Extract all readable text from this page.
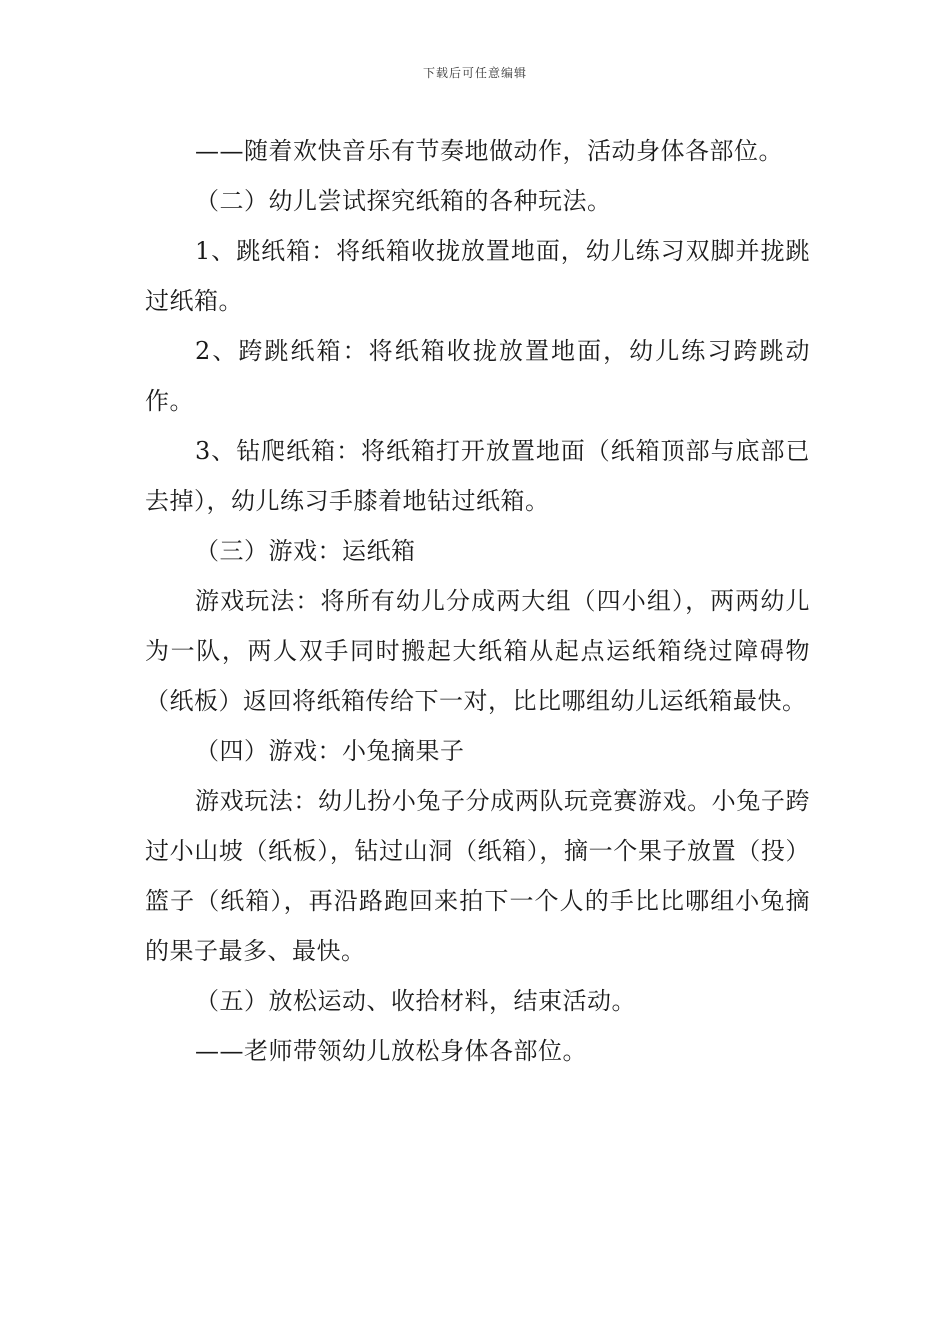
下载后可任意编辑

——随着欢快音乐有节奏地做动作，活动身体各部位。

（二）幼儿尝试探究纸箱的各种玩法。

1、跳纸箱：将纸箱收拢放置地面，幼儿练习双脚并拢跳过纸箱。

2、跨跳纸箱：将纸箱收拢放置地面，幼儿练习跨跳动作。

3、钻爬纸箱：将纸箱打开放置地面（纸箱顶部与底部已去掉），幼儿练习手膝着地钻过纸箱。

（三）游戏：运纸箱

游戏玩法：将所有幼儿分成两大组（四小组），两两幼儿为一队，两人双手同时搬起大纸箱从起点运纸箱绕过障碍物（纸板）返回将纸箱传给下一对，比比哪组幼儿运纸箱最快。

（四）游戏：小兔摘果子

游戏玩法：幼儿扮小兔子分成两队玩竞赛游戏。小兔子跨过小山坡（纸板），钻过山洞（纸箱），摘一个果子放置（投）篮子（纸箱），再沿路跑回来拍下一个人的手比比哪组小兔摘的果子最多、最快。

（五）放松运动、收拾材料，结束活动。

——老师带领幼儿放松身体各部位。
